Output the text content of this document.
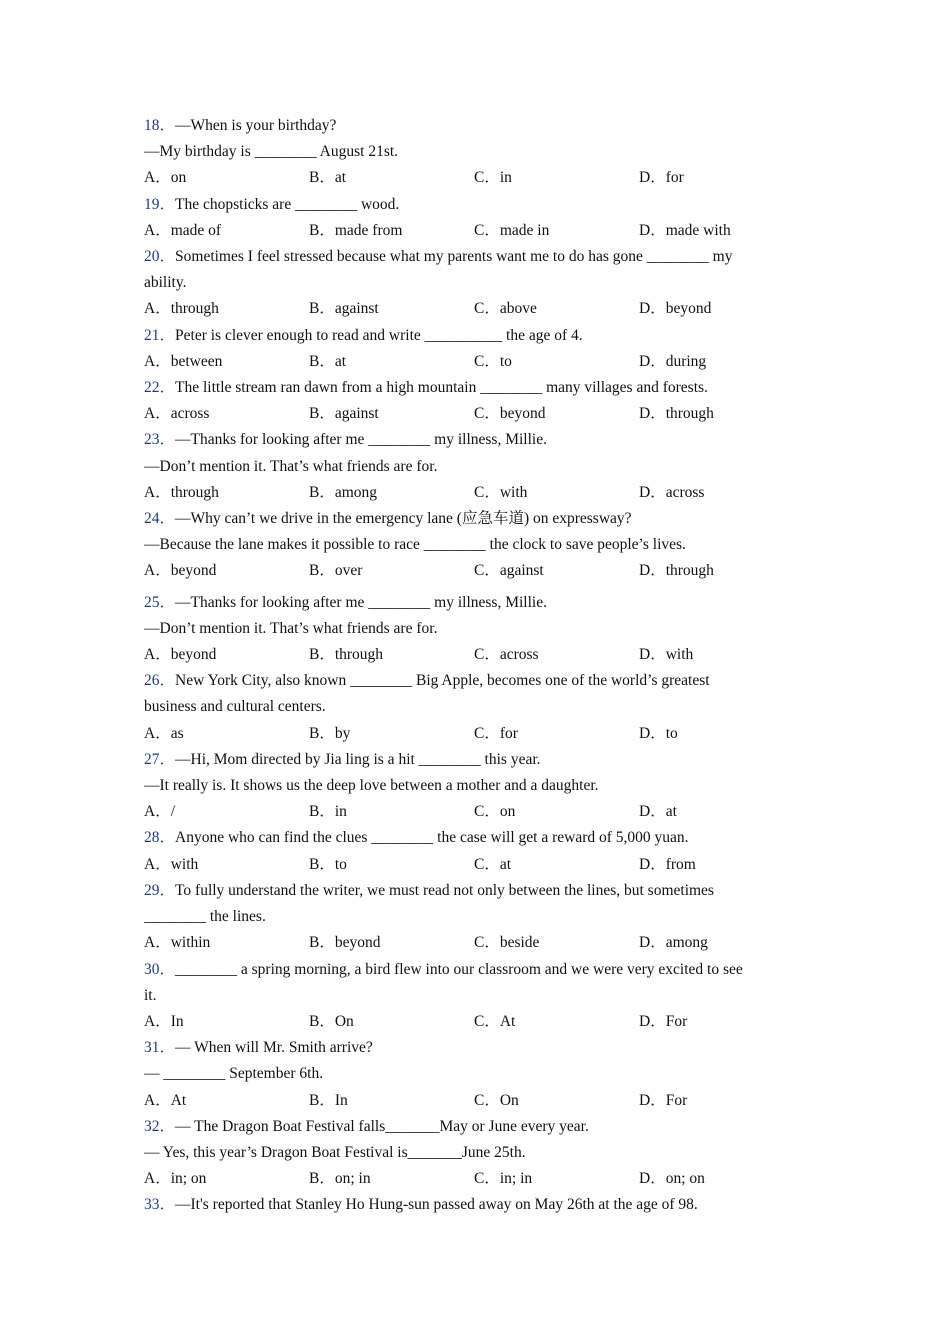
18．—When is your birthday?
—My birthday is ________ August 21st.
A．on	B．at	C．in	D．for
19．The chopsticks are ________ wood.
A．made of	B．made from	C．made in	D．made with
20．Sometimes I feel stressed because what my parents want me to do has gone ________ my
ability.
A．through	B．against	C．above	D．beyond
21．Peter is clever enough to read and write __________ the age of 4.
A．between	B．at	C．to	D．during
22．The little stream ran dawn from a high mountain ________ many villages and forests.
A．across	B．against	C．beyond	D．through
23．—Thanks for looking after me ________ my illness, Millie.
—Don’t mention it. That’s what friends are for.
A．through	B．among	C．with	D．across
24．—Why can’t we drive in the emergency lane (应急车道) on expressway?
—Because the lane makes it possible to race ________ the clock to save people’s lives.
A．beyond	B．over	C．against	D．through
25．—Thanks for looking after me ________ my illness, Millie.
—Don’t mention it. That’s what friends are for.
A．beyond	B．through	C．across	D．with
26．New York City, also known ________ Big Apple, becomes one of the world’s greatest
business and cultural centers.
A．as	B．by	C．for	D．to
27．—Hi, Mom directed by Jia ling is a hit ________ this year.
—It really is. It shows us the deep love between a mother and a daughter.
A．/	B．in	C．on	D．at
28．Anyone who can find the clues ________ the case will get a reward of 5,000 yuan.
A．with	B．to	C．at	D．from
29．To fully understand the writer, we must read not only between the lines, but sometimes
________ the lines.
A．within	B．beyond	C．beside	D．among
30．________ a spring morning, a bird flew into our classroom and we were very excited to see
it.
A．In	B．On	C．At	D．For
31．— When will Mr. Smith arrive?
— ________ September 6th.
A．At	B．In	C．On	D．For
32．— The Dragon Boat Festival falls_______May or June every year.
— Yes, this year’s Dragon Boat Festival is_______June 25th.
A．in; on	B．on; in	C．in; in	D．on; on
33．—It's reported that Stanley Ho Hung-sun passed away on May 26th at the age of 98.
